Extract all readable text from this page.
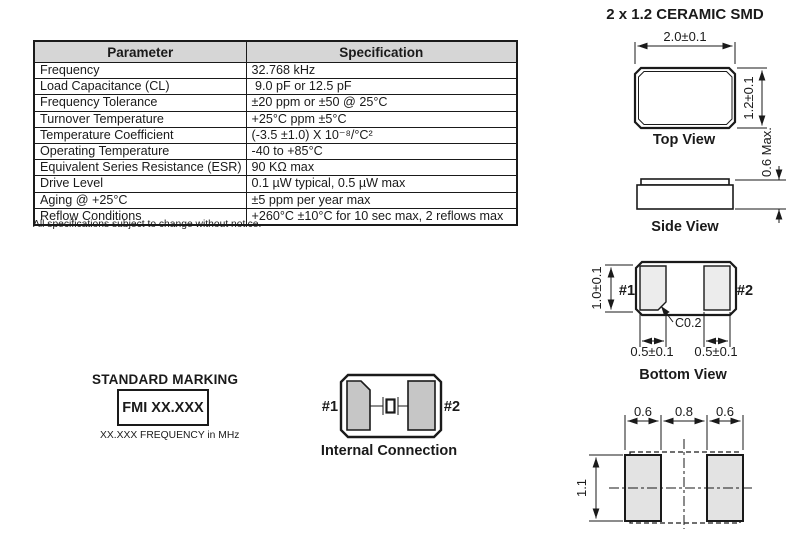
Parameter	Specification
Frequency	32.768 kHz
Load Capacitance (CL)	9.0 pF or 12.5 pF
Frequency Tolerance	±20 ppm or ±50 @ 25°C
Turnover Temperature	+25°C ppm ±5°C
Temperature Coefficient	(-3.5 ±1.0) X 10⁻⁸/°C²
Operating Temperature	-40 to +85°C
Equivalent Series Resistance (ESR)	90 KΩ max
Drive Level	0.1 µW typical, 0.5 µW max
Aging @ +25°C	±5 ppm per year max
Reflow Conditions	+260°C ±10°C for 10 sec max, 2 reflows max
All specifications subject to change without notice.
STANDARD MARKING
FMI XX.XXX
XX.XXX FREQUENCY in MHz
2 x 1.2 CERAMIC SMD
#1	#2
Internal Connection
2.0±0.1
1.2±0.1
Top View	0.6 Max.
Side View
#1	#2
1.0±0.1
C0.2
0.5±0.1 0.5±0.1
Bottom View
0.6 0.8 0.6
1.1
